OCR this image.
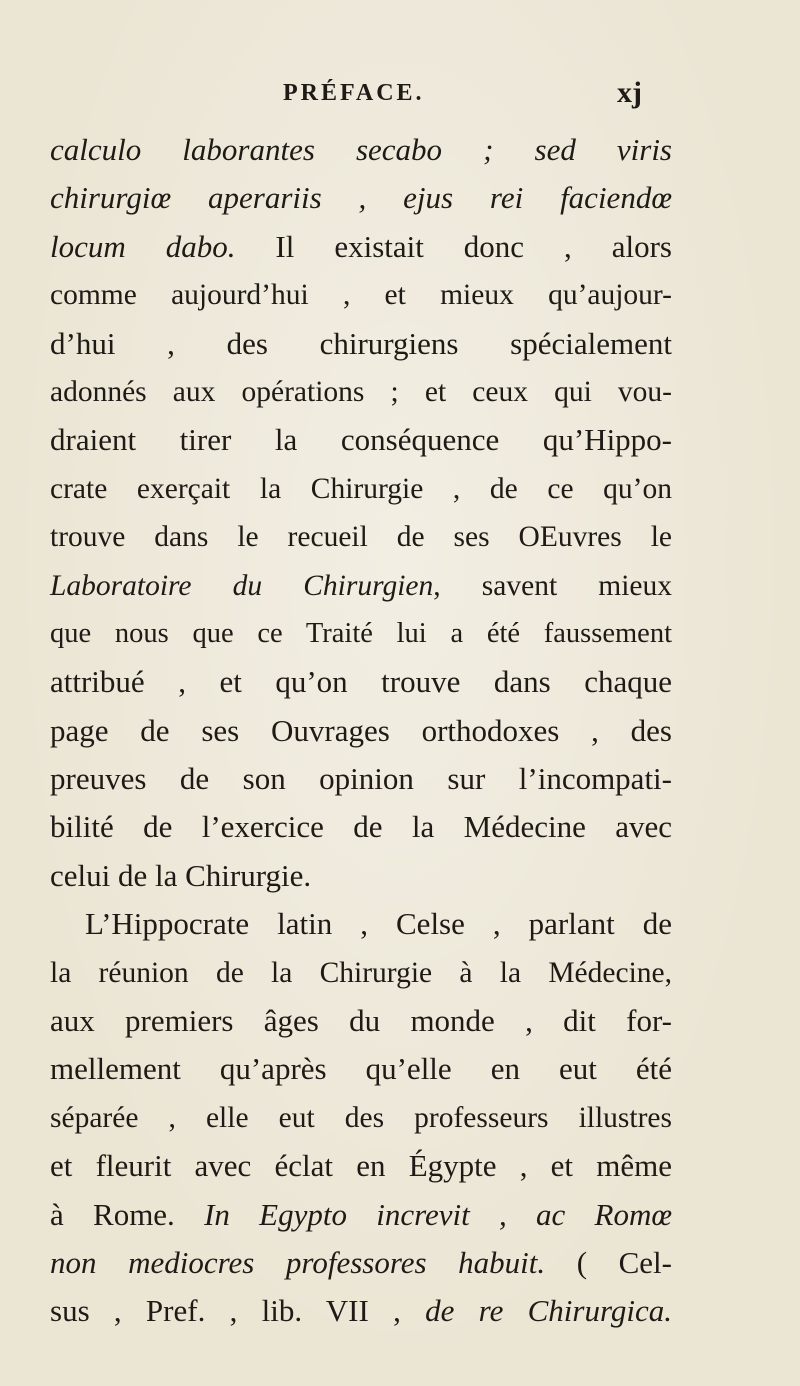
PRÉFACE.	xj
calculo laborantes secabo ; sed viris
chirurgiœ aperariis , ejus rei faciendœ
locum dabo. Il existait donc , alors
comme aujourd’hui , et mieux qu’aujour-
d’hui , des chirurgiens spécialement
adonnés aux opérations ; et ceux qui vou-
draient tirer la conséquence qu’Hippo-
crate exerçait la Chirurgie , de ce qu’on
trouve dans le recueil de ses OEuvres le
Laboratoire du Chirurgien, savent mieux
que nous que ce Traité lui a été faussement
attribué , et qu’on trouve dans chaque
page de ses Ouvrages orthodoxes , des
preuves de son opinion sur l’incompati-
bilité de l’exercice de la Médecine avec
celui de la Chirurgie.
L’Hippocrate latin , Celse , parlant de
la réunion de la Chirurgie à la Médecine,
aux premiers âges du monde , dit for-
mellement qu’après qu’elle en eut été
séparée , elle eut des professeurs illustres
et fleurit avec éclat en Égypte , et même
à Rome. In Egypto increvit , ac Romœ
non mediocres professores habuit. ( Cel-
sus , Pref. , lib. VII , de re Chirurgica.
